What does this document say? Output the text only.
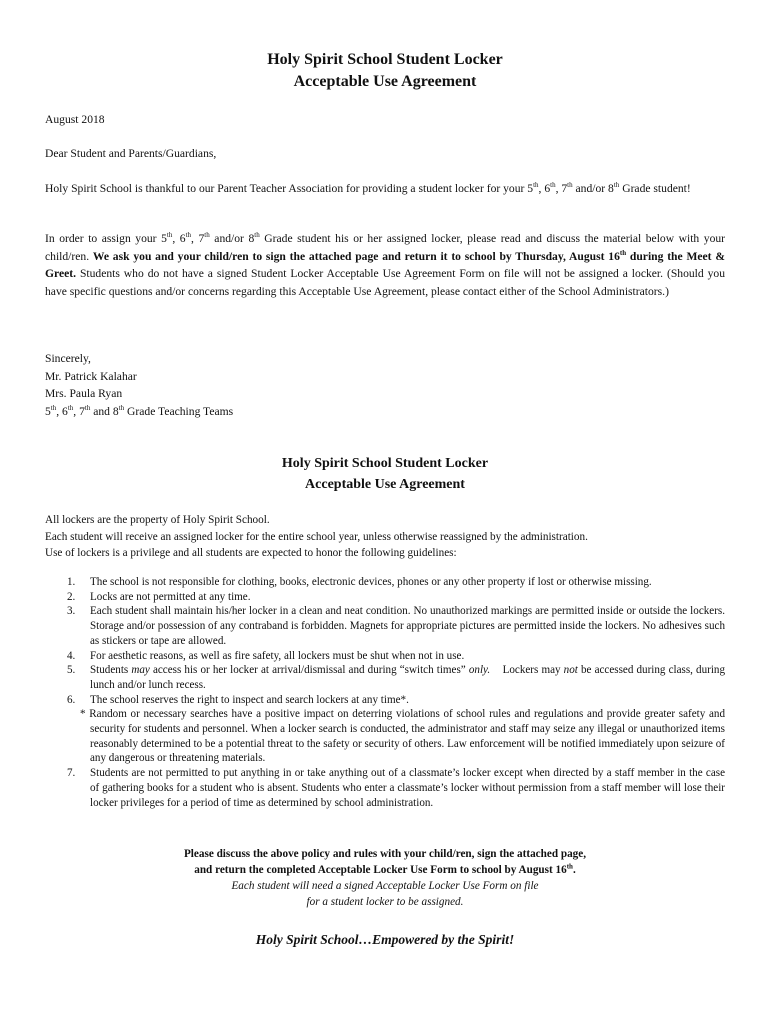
Holy Spirit School Student Locker
Acceptable Use Agreement
August 2018
Dear Student and Parents/Guardians,
Holy Spirit School is thankful to our Parent Teacher Association for providing a student locker for your 5th, 6th, 7th and/or 8th Grade student!
In order to assign your 5th, 6th, 7th and/or 8th Grade student his or her assigned locker, please read and discuss the material below with your child/ren. We ask you and your child/ren to sign the attached page and return it to school by Thursday, August 16th during the Meet & Greet. Students who do not have a signed Student Locker Acceptable Use Agreement Form on file will not be assigned a locker. (Should you have specific questions and/or concerns regarding this Acceptable Use Agreement, please contact either of the School Administrators.)
Sincerely,
Mr. Patrick Kalahar
Mrs. Paula Ryan
5th, 6th, 7th and 8th Grade Teaching Teams
Holy Spirit School Student Locker
Acceptable Use Agreement
All lockers are the property of Holy Spirit School.
Each student will receive an assigned locker for the entire school year, unless otherwise reassigned by the administration.
Use of lockers is a privilege and all students are expected to honor the following guidelines:
1. The school is not responsible for clothing, books, electronic devices, phones or any other property if lost or otherwise missing.
2. Locks are not permitted at any time.
3. Each student shall maintain his/her locker in a clean and neat condition. No unauthorized markings are permitted inside or outside the lockers. Storage and/or possession of any contraband is forbidden. Magnets for appropriate pictures are permitted inside the lockers. No adhesives such as stickers or tape are allowed.
4. For aesthetic reasons, as well as fire safety, all lockers must be shut when not in use.
5. Students may access his or her locker at arrival/dismissal and during “switch times” only.    Lockers may not be accessed during class, during lunch and/or lunch recess.
6. The school reserves the right to inspect and search lockers at any time*.
* Random or necessary searches have a positive impact on deterring violations of school rules and regulations and provide greater safety and security for students and personnel. When a locker search is conducted, the administrator and staff may seize any illegal or unauthorized items reasonably determined to be a potential threat to the safety or security of others. Law enforcement will be notified immediately upon seizure of any dangerous or threatening materials.
7. Students are not permitted to put anything in or take anything out of a classmate’s locker except when directed by a staff member in the case of gathering books for a student who is absent. Students who enter a classmate’s locker without permission from a staff member will lose their locker privileges for a period of time as determined by school administration.
Please discuss the above policy and rules with your child/ren, sign the attached page,
and return the completed Acceptable Locker Use Form to school by August 16th.
Each student will need a signed Acceptable Locker Use Form on file
for a student locker to be assigned.
Holy Spirit School…Empowered by the Spirit!
